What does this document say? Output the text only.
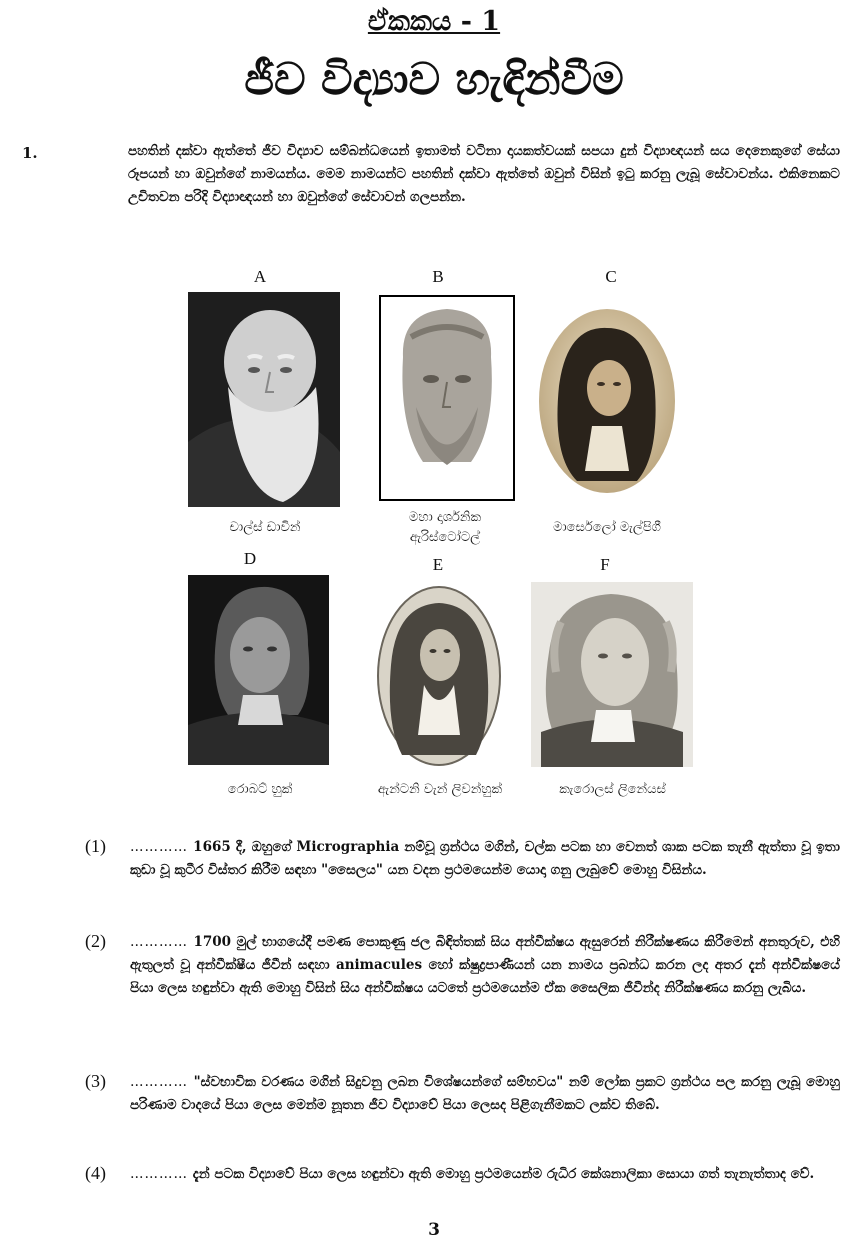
ඒකකය - 1
ජීව විද්‍යාව හැඳින්වීම
1.	පහතින් දක්වා ඇත්තේ ජීව විද්‍යාව සම්බන්ධයෙන් ඉතාමත් වටිනා දායකත්වයක් සපයා දුන් විද්‍යාඥයන් සය දෙනෙකුගේ සේයා රූපයන් හා ඔවුන්ගේ නාමයන්ය. මෙම නාමයන්ට පහතින් දක්වා ඇත්තේ ඔවුන් විසින් ඉටු කරනු ලැබූ සේවාවන්ය. එකිනෙකට උචිතවන පරිදි විද්‍යාඥයන් හා ඔවුන්ගේ සේවාවන් ගලපන්න.
A	B	C
චාල්ස් ඩාවින්
මහා දාර්ශනික
ඇරිස්ටෝටල්
මාර්සෙලෝ මැල්පිගී
D	E	F
රොබට් හුක්	ඇන්ටනි වැන් ලිවන්හුක්	කැරොලස් ලිනේයස්
(1) ………… 1665 දී, ඔහුගේ Micrographia නම්වූ ග්‍රන්ථය මගින්, චල්ක පටක හා වෙනත් ශාක පටක තැනී ඇත්තා වූ ඉතා කුඩා වූ කුටීර විස්තර කිරීම සඳහා "සෛලය" යන වදන ප්‍රථමයෙන්ම යොදා ගනු ලැබුවේ මොහු විසින්ය.
(2) ………… 1700 මුල් භාගයේදී පමණ පොකුණු ජල බිඳිත්තක් සිය අන්වීක්ෂය ඇසුරෙන් නිරීක්ෂණය කිරීමෙන් අනතුරුව, එහි ඇතුලත් වූ අන්වීක්ෂීය ජීවීන් සඳහා animacules හෝ ක්ෂුද්‍රපාණීයන් යන නාමය ප්‍රබන්ධ කරන ලද අතර දැන් අන්වීක්ෂයේ පියා ලෙස හඳුන්වා ඇති මොහු විසින් සිය අන්වීක්ෂය යටතේ ප්‍රථමයෙන්ම ඒක සෛලික ජීවීන්ද නිරීක්ෂණය කරනු ලැබිය.
(3) ………… "ස්වභාවික වරණය මගින් සිදුවනු ලබන විශේෂයන්ගේ සම්භවය" නම් ලෝක ප්‍රකට ග්‍රන්ථය පල කරනු ලැබූ මොහු පරිණාම වාදයේ පියා ලෙස මෙන්ම නූතන ජීව විද්‍යාවේ පියා ලෙසද පිළිගැනීමකට ලක්ව තිබේ.
(4) ………… දැන් පටක විද්‍යාවේ පියා ලෙස හඳුන්වා ඇති මොහු ප්‍රථමයෙන්ම රුධිර කේශනාලිකා සොයා ගත් තැනැත්තාද වේ.
3
